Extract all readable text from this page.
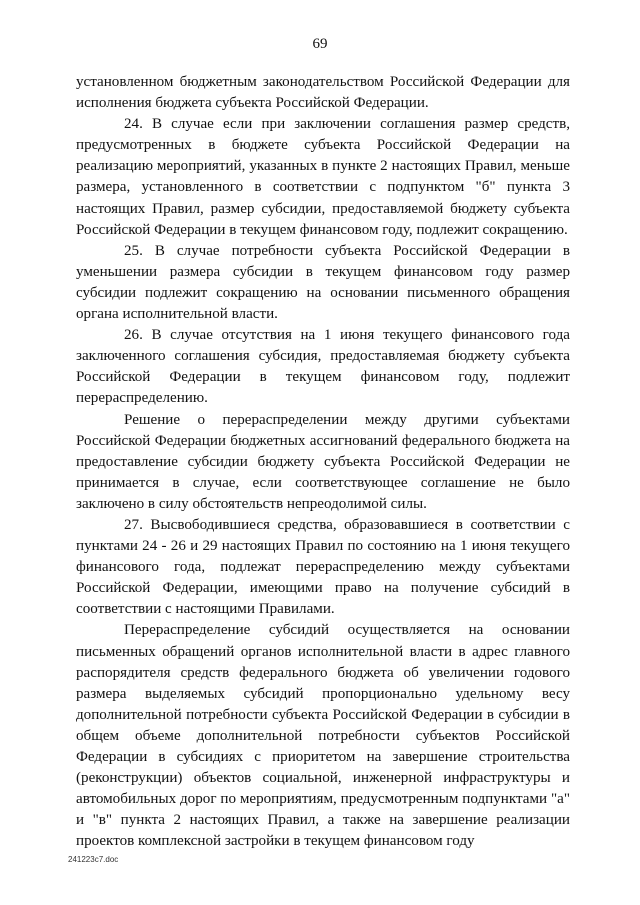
69

установленном бюджетным законодательством Российской Федерации для исполнения бюджета субъекта Российской Федерации.

24. В случае если при заключении соглашения размер средств, предусмотренных в бюджете субъекта Российской Федерации на реализацию мероприятий, указанных в пункте 2 настоящих Правил, меньше размера, установленного в соответствии с подпунктом "б" пункта 3 настоящих Правил, размер субсидии, предоставляемой бюджету субъекта Российской Федерации в текущем финансовом году, подлежит сокращению.

25. В случае потребности субъекта Российской Федерации в уменьшении размера субсидии в текущем финансовом году размер субсидии подлежит сокращению на основании письменного обращения органа исполнительной власти.

26. В случае отсутствия на 1 июня текущего финансового года заключенного соглашения субсидия, предоставляемая бюджету субъекта Российской Федерации в текущем финансовом году, подлежит перераспределению.

Решение о перераспределении между другими субъектами Российской Федерации бюджетных ассигнований федерального бюджета на предоставление субсидии бюджету субъекта Российской Федерации не принимается в случае, если соответствующее соглашение не было заключено в силу обстоятельств непреодолимой силы.

27. Высвободившиеся средства, образовавшиеся в соответствии с пунктами 24 - 26 и 29 настоящих Правил по состоянию на 1 июня текущего финансового года, подлежат перераспределению между субъектами Российской Федерации, имеющими право на получение субсидий в соответствии с настоящими Правилами.

Перераспределение субсидий осуществляется на основании письменных обращений органов исполнительной власти в адрес главного распорядителя средств федерального бюджета об увеличении годового размера выделяемых субсидий пропорционально удельному весу дополнительной потребности субъекта Российской Федерации в субсидии в общем объеме дополнительной потребности субъектов Российской Федерации в субсидиях с приоритетом на завершение строительства (реконструкции) объектов социальной, инженерной инфраструктуры и автомобильных дорог по мероприятиям, предусмотренным подпунктами "а" и "в" пункта 2 настоящих Правил, а также на завершение реализации проектов комплексной застройки в текущем финансовом году

241223c7.doc
